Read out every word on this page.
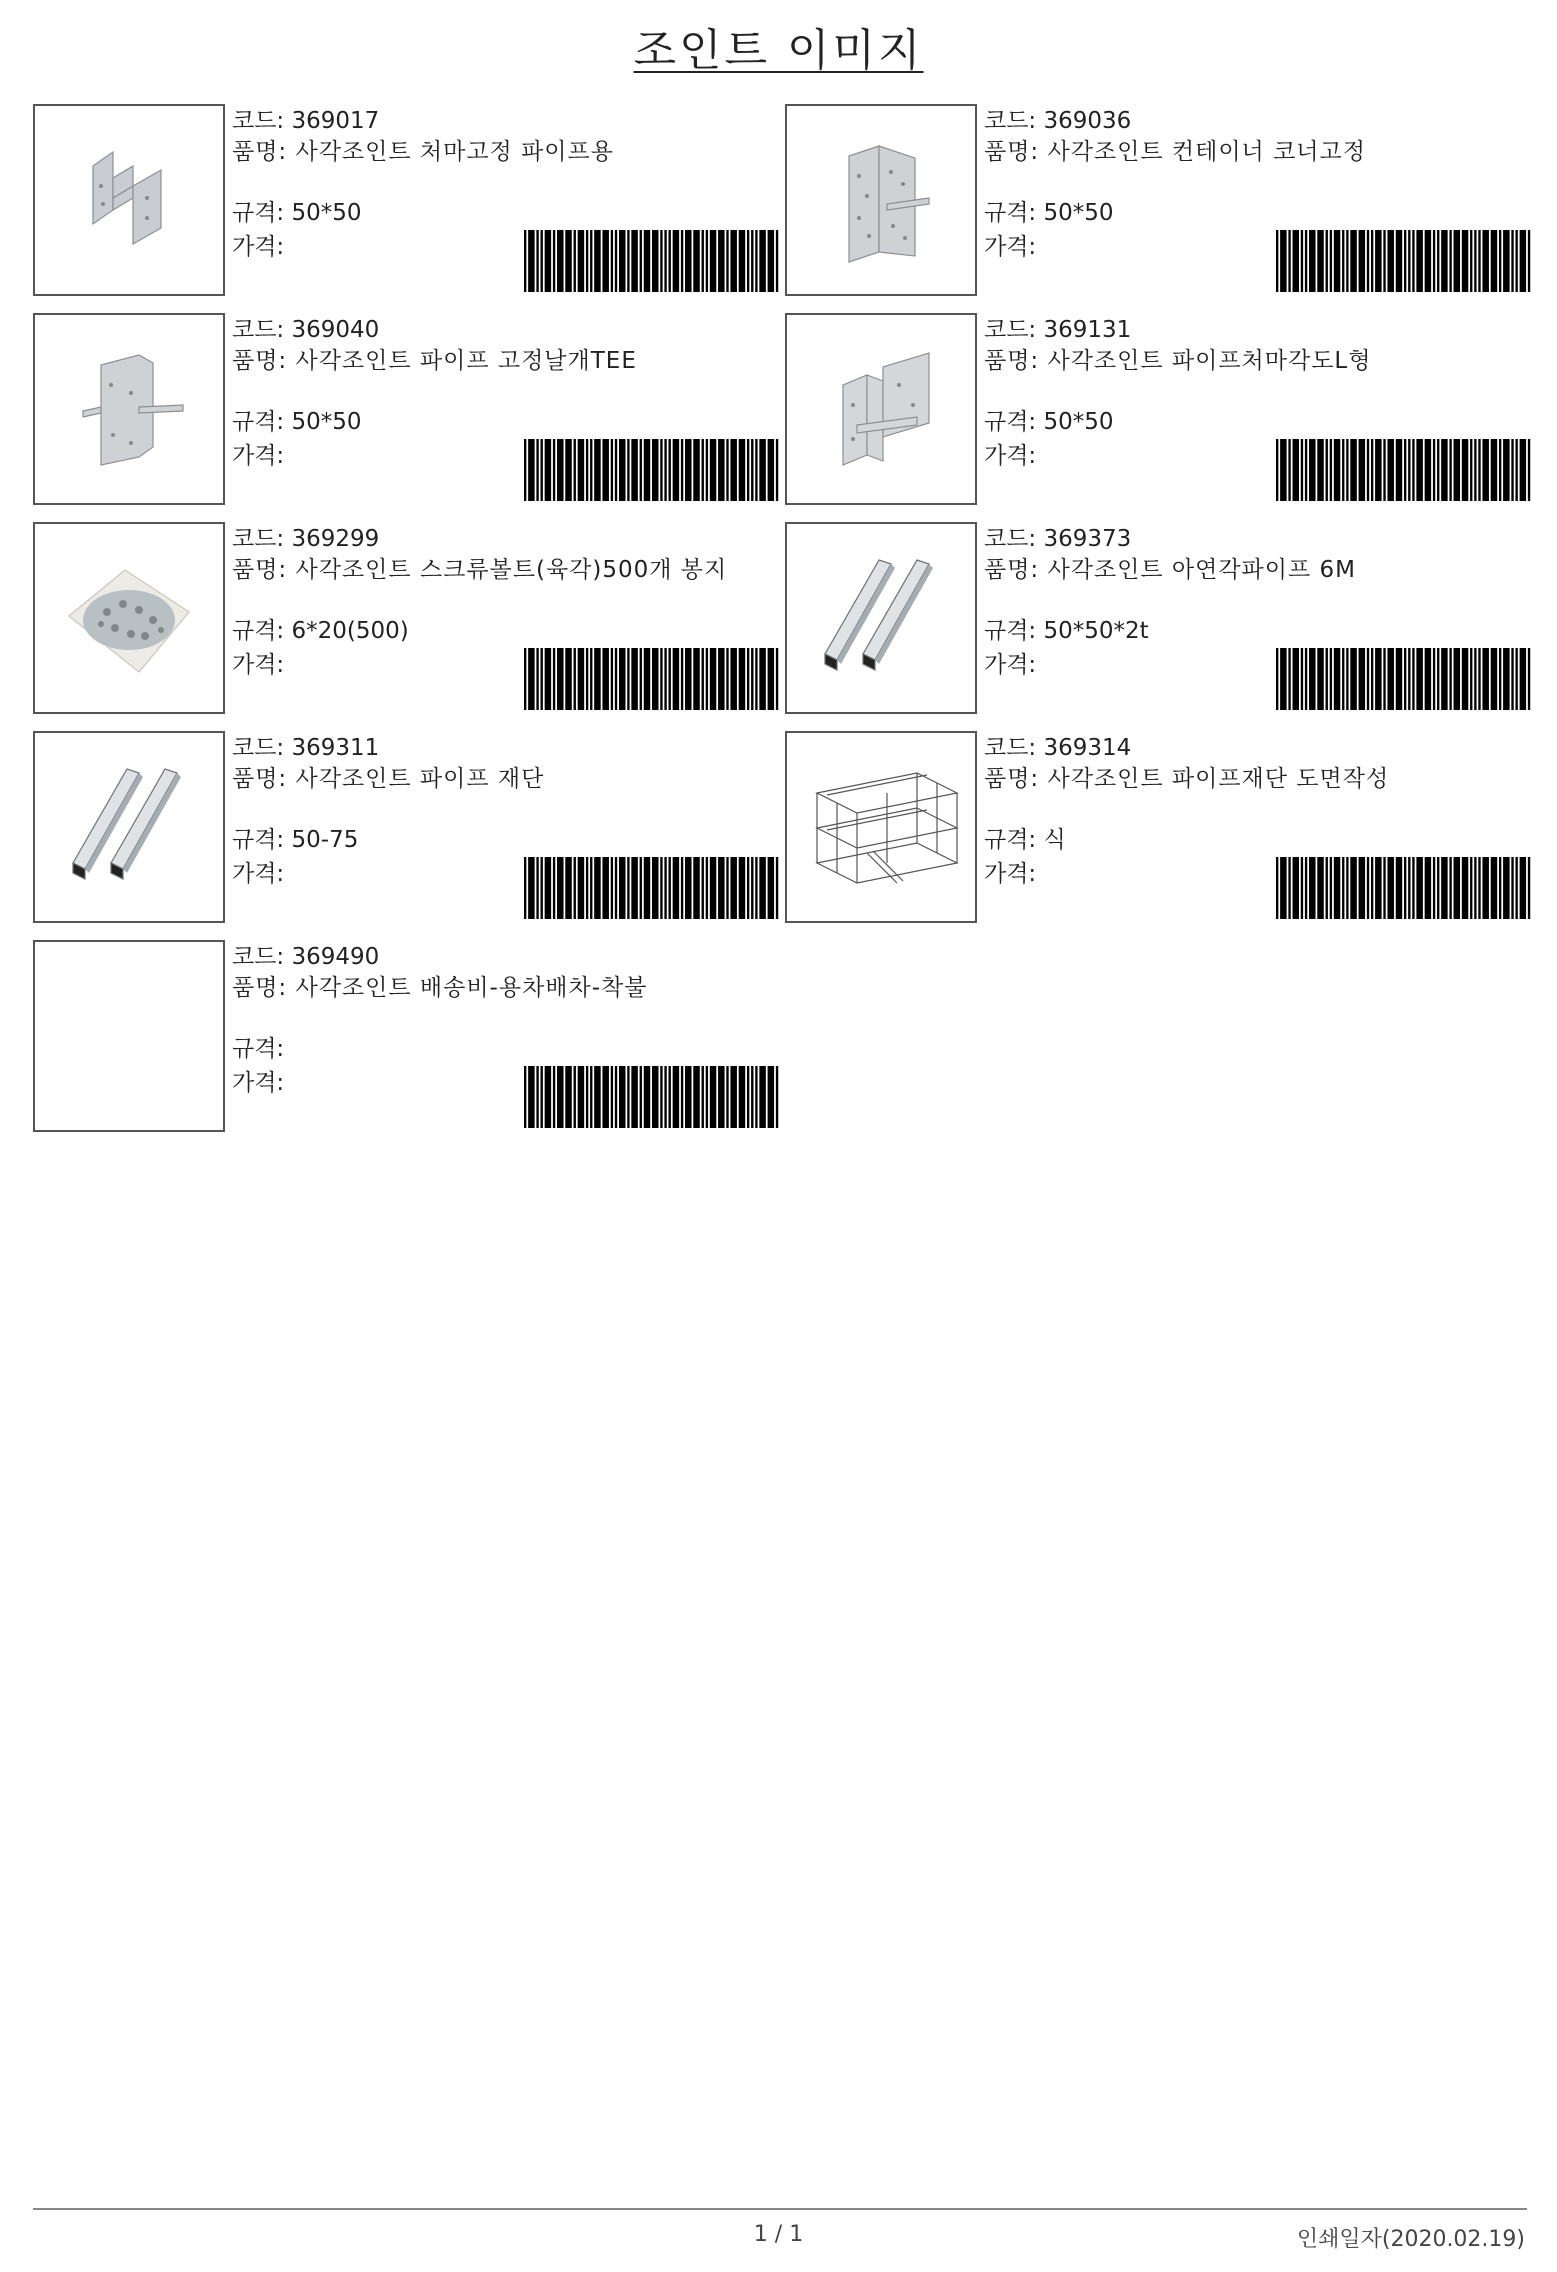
조인트 이미지
코드: 369017
품명: 사각조인트 처마고정 파이프용
규격: 50*50
가격:
코드: 369036
품명: 사각조인트 컨테이너 코너고정
규격: 50*50
가격:
코드: 369040
품명: 사각조인트 파이프 고정날개TEE
규격: 50*50
가격:
코드: 369131
품명: 사각조인트 파이프처마각도L형
규격: 50*50
가격:
코드: 369299
품명: 사각조인트 스크류볼트(육각)500개 봉지
규격: 6*20(500)
가격:
코드: 369373
품명: 사각조인트 아연각파이프 6M
규격: 50*50*2t
가격:
코드: 369311
품명: 사각조인트 파이프 재단
규격: 50-75
가격:
코드: 369314
품명: 사각조인트 파이프재단 도면작성
규격: 식
가격:
코드: 369490
품명: 사각조인트 배송비-용차배차-착불
규격:
가격:
1 / 1	인쇄일자(2020.02.19)
